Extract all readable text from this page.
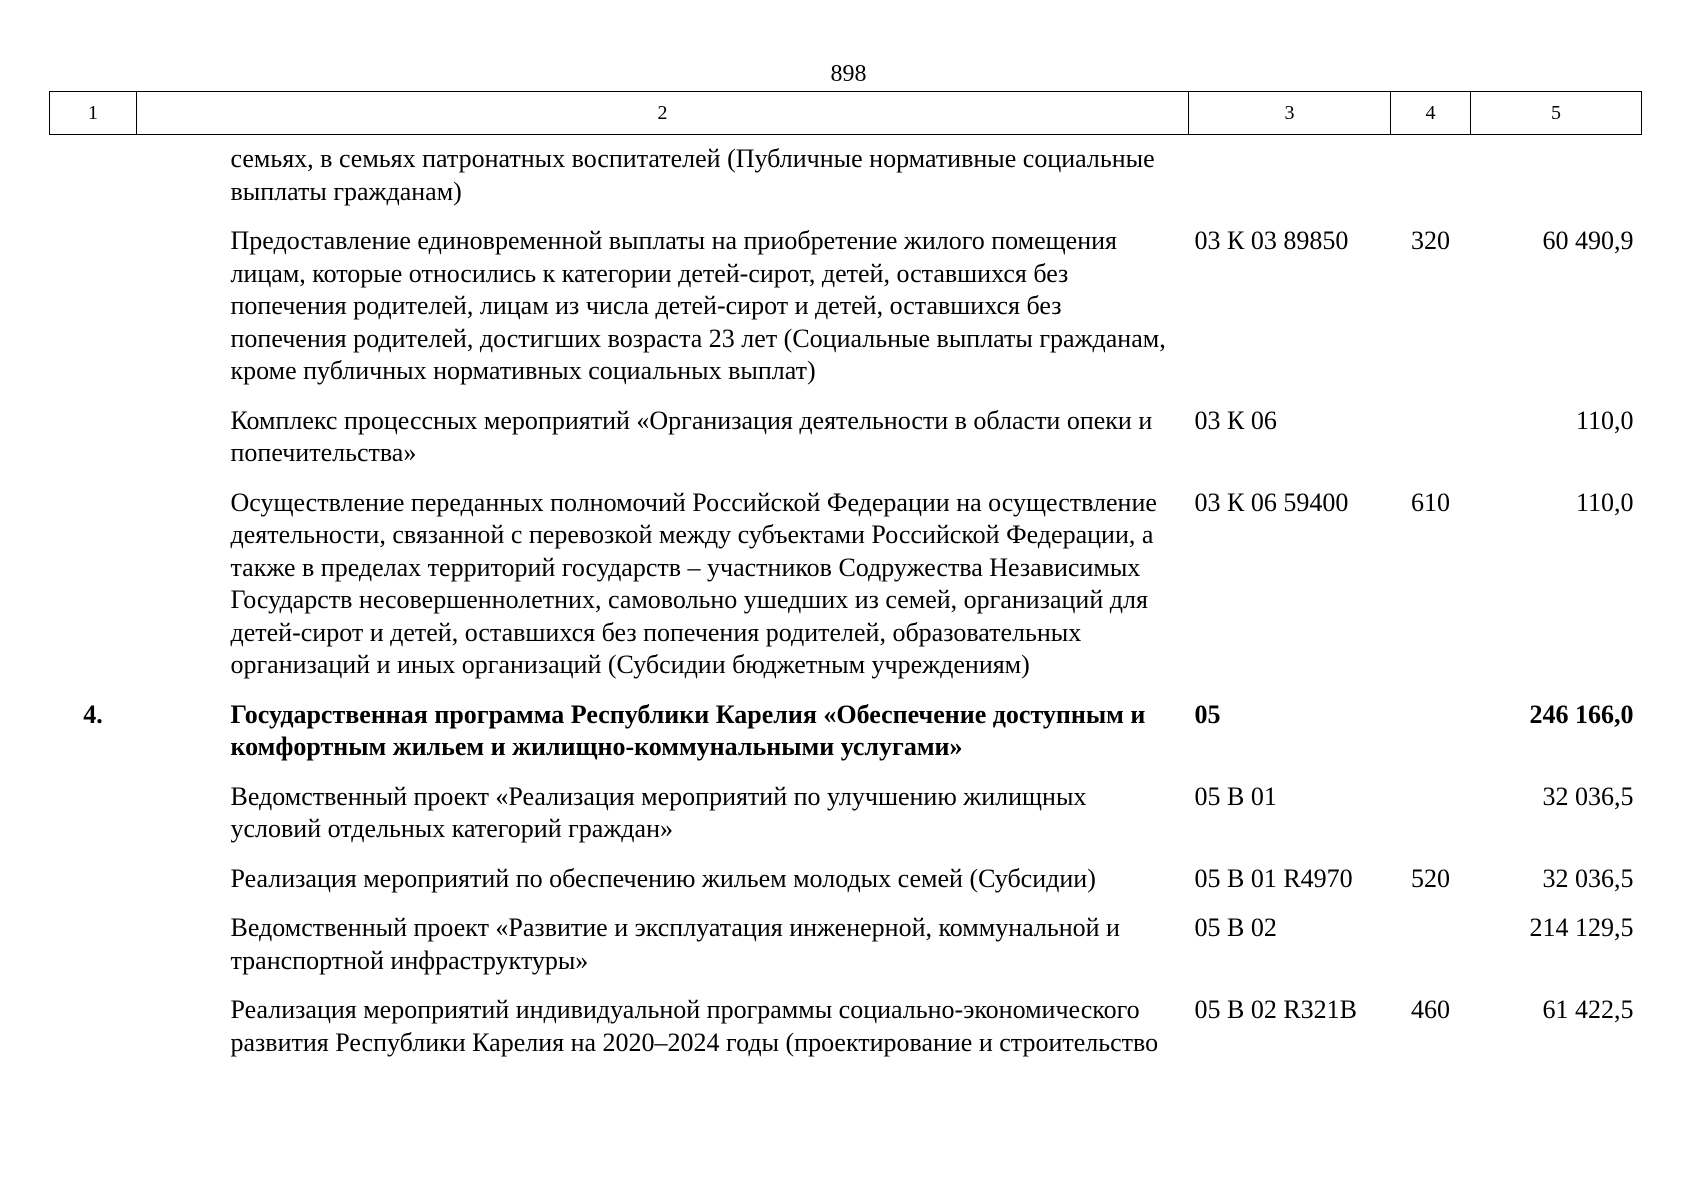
898
1	2	3	4	5
	семьях, в семьях патронатных воспитателей (Публичные нормативные социальные выплаты гражданам)			
	Предоставление единовременной выплаты на приобретение жилого помещения лицам, которые относились к категории детей-сирот, детей, оставшихся без попечения родителей, лицам из числа детей-сирот и детей, оставшихся без попечения родителей, достигших возраста 23 лет (Социальные выплаты гражданам, кроме публичных нормативных социальных выплат)	03 К 03 89850	320	60 490,9
	Комплекс процессных мероприятий «Организация деятельности в области опеки и попечительства»	03 К 06		110,0
	Осуществление переданных полномочий Российской Федерации на осуществление деятельности, связанной с перевозкой между субъектами Российской Федерации, а также в пределах территорий государств – участников Содружества Независимых Государств несовершеннолетних, самовольно ушедших из семей, организаций для детей-сирот и детей, оставшихся без попечения родителей, образовательных организаций и иных организаций (Субсидии бюджетным учреждениям)	03 К 06 59400	610	110,0
4.	Государственная программа Республики Карелия «Обеспечение доступным и комфортным жильем и жилищно-коммунальными услугами»	05		246 166,0
	Ведомственный проект «Реализация мероприятий по улучшению жилищных условий отдельных категорий граждан»	05 В 01		32 036,5
	Реализация мероприятий по обеспечению жильем молодых семей (Субсидии)	05 В 01 R4970	520	32 036,5
	Ведомственный проект «Развитие и эксплуатация инженерной, коммунальной и транспортной инфраструктуры»	05 В 02		214 129,5
	Реализация мероприятий индивидуальной программы социально-экономического развития Республики Карелия на 2020–2024 годы (проектирование и строительство	05 В 02 R321B	460	61 422,5
